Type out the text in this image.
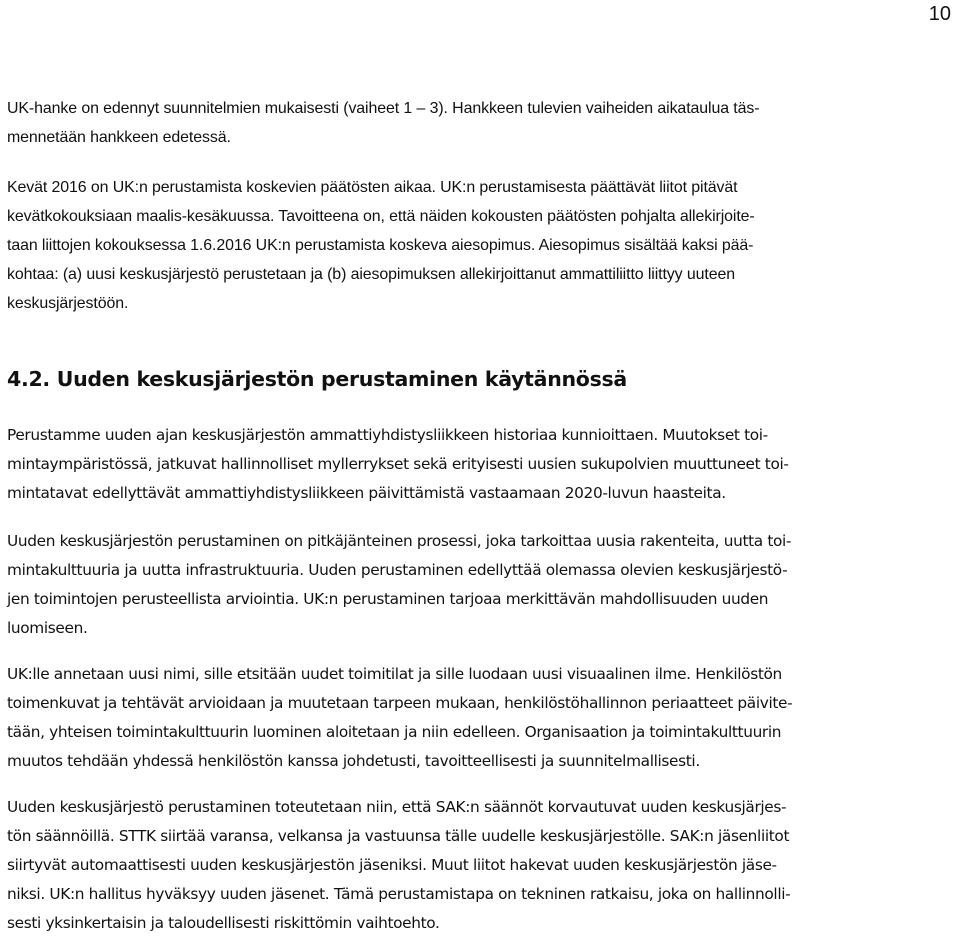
10

UK-hanke on edennyt suunnitelmien mukaisesti (vaiheet 1 – 3). Hankkeen tulevien vaiheiden aikataulua täs-
mennetään hankkeen edetessä.

Kevät 2016 on UK:n perustamista koskevien päätösten aikaa. UK:n perustamisesta päättävät liitot pitävät
kevätkokouksiaan maalis-kesäkuussa. Tavoitteena on, että näiden kokousten päätösten pohjalta allekirjoite-
taan liittojen kokouksessa 1.6.2016 UK:n perustamista koskeva aiesopimus. Aiesopimus sisältää kaksi pää-
kohtaa: (a) uusi keskusjärjestö perustetaan ja (b) aiesopimuksen allekirjoittanut ammattiliitto liittyy uuteen
keskusjärjestöön.

4.2. Uuden keskusjärjestön perustaminen käytännössä

Perustamme uuden ajan keskusjärjestön ammattiyhdistysliikkeen historiaa kunnioittaen. Muutokset toi-
mintaympäristössä, jatkuvat hallinnolliset myllerrykset sekä erityisesti uusien sukupolvien muuttuneet toi-
mintatavat edellyttävät ammattiyhdistysliikkeen päivittämistä vastaamaan 2020-luvun haasteita.

Uuden keskusjärjestön perustaminen on pitkäjänteinen prosessi, joka tarkoittaa uusia rakenteita, uutta toi-
mintakulttuuria ja uutta infrastruktuuria. Uuden perustaminen edellyttää olemassa olevien keskusjärjestö-
jen toimintojen perusteellista arviointia. UK:n perustaminen tarjoaa merkittävän mahdollisuuden uuden
luomiseen.

UK:lle annetaan uusi nimi, sille etsitään uudet toimitilat ja sille luodaan uusi visuaalinen ilme. Henkilöstön
toimenkuvat ja tehtävät arvioidaan ja muutetaan tarpeen mukaan, henkilöstöhallinnon periaatteet päivite-
tään, yhteisen toimintakulttuurin luominen aloitetaan ja niin edelleen. Organisaation ja toimintakulttuurin
muutos tehdään yhdessä henkilöstön kanssa johdetusti, tavoitteellisesti ja suunnitelmallisesti.

Uuden keskusjärjestö perustaminen toteutetaan niin, että SAK:n säännöt korvautuvat uuden keskusjärjes-
tön säännöillä. STTK siirtää varansa, velkansa ja vastuunsa tälle uudelle keskusjärjestölle. SAK:n jäsenliitot
siirtyvät automaattisesti uuden keskusjärjestön jäseniksi. Muut liitot hakevat uuden keskusjärjestön jäse-
niksi. UK:n hallitus hyväksyy uuden jäsenet. Tämä perustamistapa on tekninen ratkaisu, joka on hallinnolli-
sesti yksinkertaisin ja taloudellisesti riskittömin vaihtoehto.
